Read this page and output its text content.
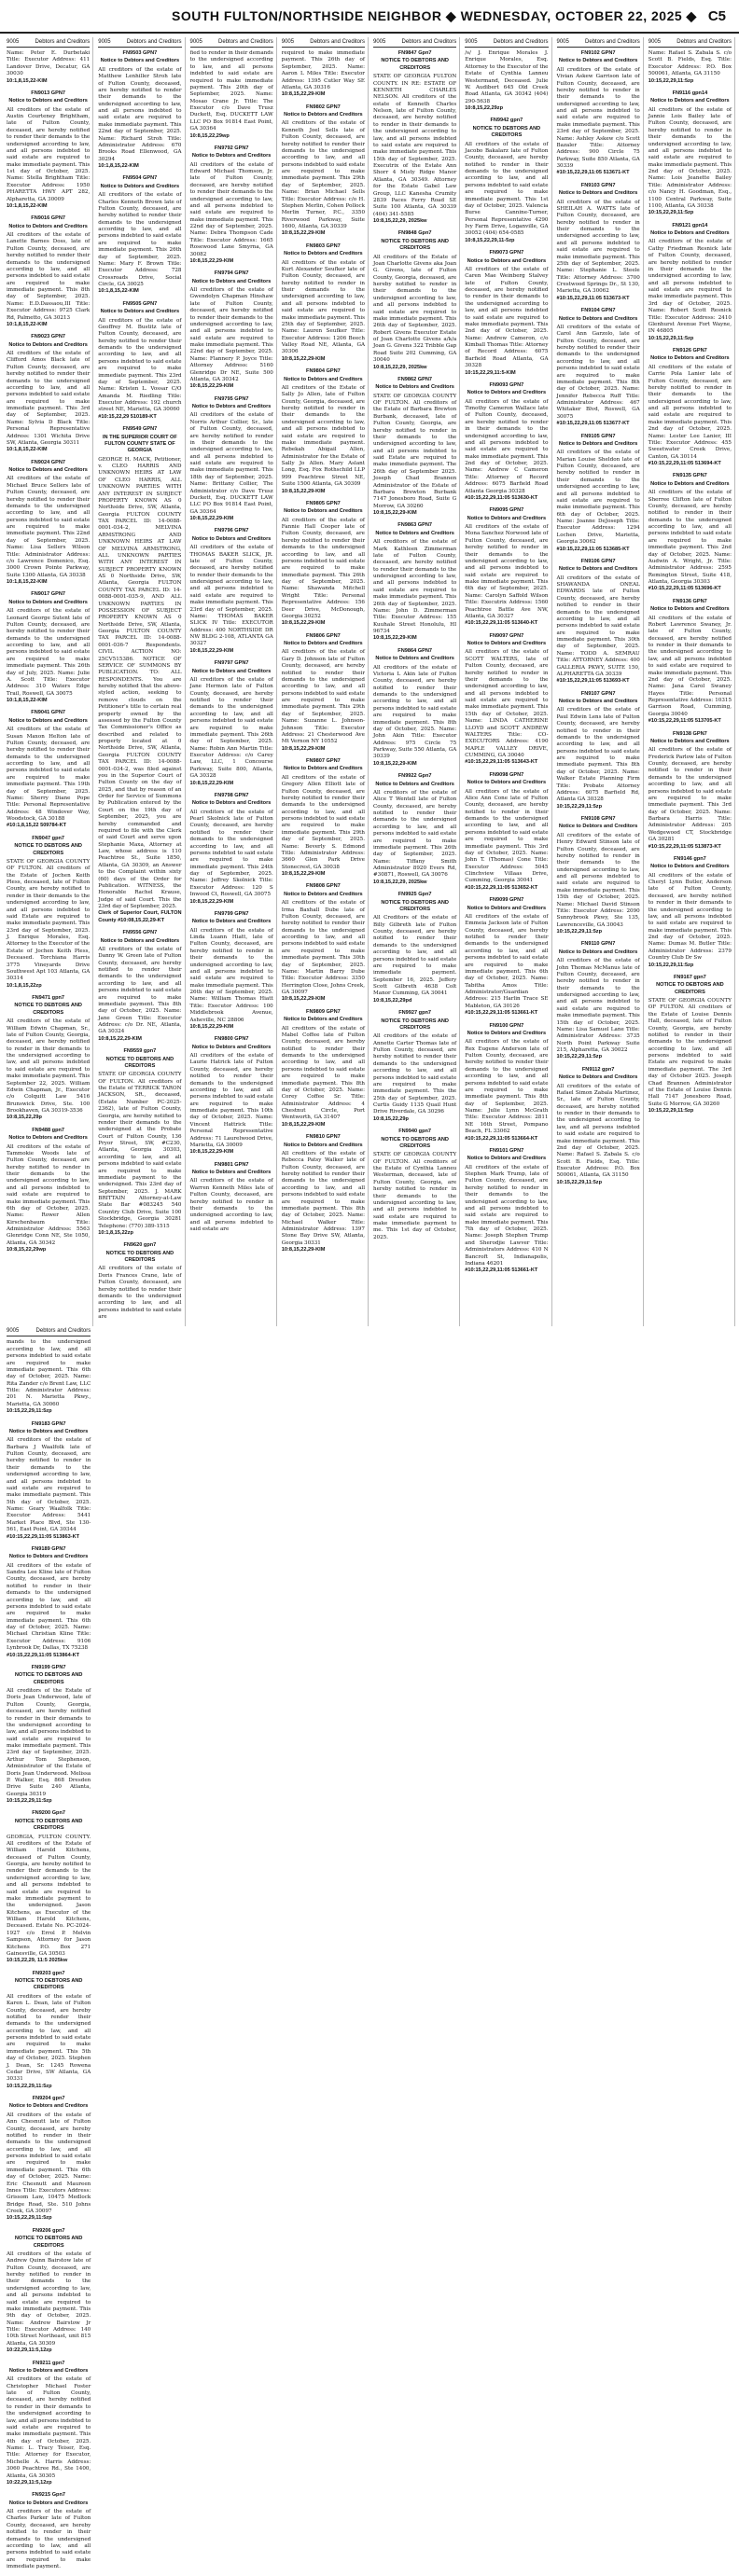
SOUTH FULTON/NORTHSIDE NEIGHBOR ◆ WEDNESDAY, OCTOBER 22, 2025 ◆ C5
9005	Debtors and Creditors
Name: Peter E. Durbetaki Title: Executor Address: 411 Landover Drive, Decatur, GA 30030
10:1,8,15,22-KIM
FN9013 GPN7
Notice to Debtors and Creditors
All creditors of the estate of Austin Courteney Brightham, late of Fulton County, deceased, are hereby notified to render their demands to the undersigned according to law, and all persons indebted to said estate are required to make immediate payment. This 1st day of October, 2025. Name: Stella Brightham Title: Executor Address: 1950 PHARETTA HWY APT 282, Alpharetta, GA 30009
10:1,8,15,22-KIM
FN9016 GPN7
Notice to Debtors and Creditors
All creditors of the estate of Lanette Barnes Doss, late of Fulton County, deceased, are hereby notified to render their demands to the undersigned according to law, and all persons indebted to said estate are required to make immediate payment. This 8th day of September, 2025. Name: E.D.Dassaou,III Title: Executor Address: 9725 Clark Rd, Palmetto, GA 30213
10:1,8,15,22-KIM
FN9023 GPN7
Notice to Debtors and Creditors
All creditors of the estate of Clifford Amos Black late of Fulton County, deceased, are hereby notified to render their demands to the undersigned according to law, and all persons indebted to said estate are required to make immediate payment. This 3rd day of September, 2025. Name: Sylvia D Black Title: Personal Representative Address: 1301 Wichita Drive SW, Atlanta, Georgia 30311
10:1,8,15,22-KIM
FN9024 GPN7
Notice to Debtors and Creditors
All creditors of the estate of Michael Bruce Sellers late of Fulton County, deceased, are hereby notified to render their demands to the undersigned according to law, and all persons indebted to said estate are required to make immediate payment. This 22nd day of September, 2025. Name: Lisa Sellers Wilson Title: Administrator Address: c/o Lawrence Domenico, Esq. 3000 Crown Pointe Parkway, Suite 1300 Atlanta, GA 30338
10:1,8,15,22-KIM
FN9017 GPN7
Notice to Debtors and Creditors
All creditors of the estate of Leonard George Sutent late of Fulton County, deceased, are hereby notified to render their demands to the undersigned according to law, and all persons indebted to said estate are required to make immediate payment. This 26th day of July, 2025. Name: Julie A. Scott Title: Executor Address: 310 Waters Edge Trail, Roswell, GA 30075
10:1,8,15,22-KIM
FN9041 GPN7
Notice to Debtors and Creditors
All creditors of the estate of Susan Maxon Helton late of Fulton County, deceased, are hereby notified to render their demands to the undersigned according to law, and all persons indebted to said estate are required to make immediate payment. This 19th day of September, 2025. Name: Sherry Diane Pope Title: Personal Representative Address: 48 Windover Way, Woodstock, GA 30188
#10:1,8,15,22 509784-KT
FN9047 gpn7
NOTICE TO DEBTORS AND CREDITORS
STATE OF GEORGIA COUNTY OF FULTON. All creditors of the Estate of Jochen Keith Pless, deceased, late of Fulton County, are hereby notified to render in their demands to the undersigned according to law, and all persons indebted to said Estate are required to make immediate payment. This 23rd day of September, 2025. J. Enrique Morales, Esq. Attorney to the Executor of the Estate of Jochen Keith Pless, Deceased. Torchiana Harris 3775 Vineyards Drive Southwest Apt 103 Atlanta, GA 30314
10:1,8,15,22zp
FN9471 gpn7
NOTICE TO DEBTORS AND CREDITORS
All creditors of the estate of William Edwin Chapman, Sr., late of Fulton County, Georgia, deceased, are hereby notified to render in their demands to the undersigned according to law, and all persons indebted to said estate are required to make immediate payment. This September 22, 2025. William Edwin Chapman, Jr., Executor c/o Colquitt Law 5416 Brunswick Drive, Ste. 100 Brookhaven, GA 30319-3536
10:8,15,22,29p
FN9488 gpn7
Notice to Debtors and Creditors
All creditors of the estate of Tammokie Woods late of Fulton County, deceased, are hereby notified to render in their demands to the undersigned according to law, and all persons indebted to said estate are required to make immediate payment. This 6th day of October, 2025. Name: Rower Allen Kirschenbaum Title: Administrator Address: 5563 Glenridge Conn NE, Ste 1050, Atlanta, GA 30342
10:8,15,22,29wp
9005	Debtors and Creditors
FN9503 GPN7
Notice to Debtors and Creditors
All creditors of the estate of Matthew Lenhiller Stroh late of Fulton County, deceased, are hereby notified to render their demands to the undersigned according to law, and all persons indebted to said estate are required to make immediate payment. This 22nd day of September, 2025. Name: Richard Stroh Title: Administrator Address: 670 Brooks Road Ellenwood, GA 30294
10:1,8,15,22-KIM
FN9504 GPN7
Notice to Debtors and Creditors
All creditors of the estate of Charles Kenneth Brown late of Fulton County, deceased, are hereby notified to render their demands to the undersigned according to law, and all persons indebted to said estate are required to make immediate payment. This 26th day of September, 2025. Name: Mary F. Brown Title: Executor Address: 728 Crossroads Drive, Social Circle, GA 30025
10:1,8,15,22-KIM
FN9505 GPN7
Notice to Debtors and Creditors
All creditors of the estate of Geoffrey M. Bustitz late of Fulton County, deceased, are hereby notified to render their demands to the undersigned according to law, and all persons indebted to said estate are required to make immediate payment. This 23rd day of September, 2025. Name: Kristen L. Vossar C/O Amanda M. Riedling Title: Executor Address: 192 church street NE, Marietta, GA 30060
#10:15,22,29 510189-KT
FN9549 GPN7
IN THE SUPERIOR COURT OF FULTON COUNTY STATE OF GEORGIA
GEORGE H. MACK, Petitioner, v. CLEO HARRIS AND UNKNOWN HEIRS AT LAW OF CLEO HARRIS, ALL UNKNOWN PARTIES WITH ANY INTEREST IN SUBJECT PROPERTY KNOWN AS 0 Northside Drive, SW, Atlanta, Georgia FULTON COUNTY TAX PARCEL ID: 14-0088-0001-034-2, MELVINA ARMSTRONG AND UNKNOWN HEIRS AT LAW OF MELVINA ARMSTRONG, ALL UNKNOWN PARTIES WITH ANY INTEREST IN SUBJECT PROPERTY KNOWN AS 0 Northside Drive, SW, Atlanta, Georgia FULTON COUNTY TAX PARCEL ID: 14-0088-0001-035-9, AND ALL UNKNOWN PARTIES IN POSSESSION OF SUBJECT PROPERTY KNOWN AS 0 Northside Drive, SW, Atlanta, Georgia FULTON COUNTY TAX PARCEL ID: 14-0088-0001-036-7 Respondents. CIVIL ACTION NO: 25CV515386. NOTICE OF SERVICE OF SUMMONS BY PUBLICATION. TO: ALL RESPONDENTS. You are hereby notified that the above-styled action, seeking to remove clouds on the Petitioner's title to certain real property owned by the assessed by the Fulton County Tax Commissioner's Office as described and related to property located at 0 Northside Drive, SW, Atlanta, Georgia FULTON COUNTY TAX PARCEL ID: 14-0088-0001-034-2, was filed against you in the Superior Court of Fulton County on the day of 2025, and that by reason of an Order for Service of Summons by Publication entered by the Court on the 19th day of September, 2025, you are hereby commanded and required to file with the Clerk of said Court and serve upon Stephanie Maxa, Attorney at Law, whose address is 110 Peachtree St., Suite 1850, Atlanta, GA 30309, an Answer to the Complaint within sixty (60) days of the Order for Publication. WITNESS, the Honorable Rachel Krause, Judge of said Court. This the 23rd day of September, 2025.
Clerk of Superior Court, FULTON County #10:08,15,22,29-KT
FN9556 GPN7
Notice to Debtors and Creditors
All creditors of the estate of Danny W. Green late of Fulton County, deceased, are hereby notified to render their demands to the undersigned according to law, and all persons indebted to said estate are required to make immediate payment. This 8th day of October, 2025. Name: Jane Green Title: Executor Address: c/o Dr. NE, Atlanta, GA 30324
10:8,15,22,29-KIM
FN9559 gpn7
NOTICE TO DEBTORS AND CREDITORS
STATE OF GEORGIA COUNTY OF FULTON. All creditors of the Estate of TERRICK TARON JACKSON, SR., deceased, (Estate Number PC-2025-2362), late of Fulton County, Georgia, are hereby notified to render their demands to the undersigned at the Probate Court of Fulton County, 136 Pryor Street, SW, #C230, Atlanta, Georgia 30303, according to law, and all persons indebted to said estate are required to make immediate payment to the undersigned. This 23rd day of September, 2025. J. MARK BRITTAIN Attorney-at-Law State Bar #083245 540 Country Club Drive, Suite 100 Stockbridge, Georgia 30281 Telephone: (770) 389-1515
10:1,8,15,22zp
FN9620 gpn7
NOTICE TO DEBTORS AND CREDITORS
All creditors of the estate of Doris Frances Crane, late of Fulton County, deceased, are hereby notified to render their demands to the undersigned according to law, and all persons indebted to said estate are
9005	Debtors and Creditors
fied to render in their demands to the undersigned according to law, and all persons indebted to said estate are required to make immediate payment. This 20th day of September, 2025. Name: Mosao Crane Jr. Title: The Executor c/o Dave Trusz Duckett, Esq. DUCKETT LAW LLC PO Box 91814 East Point, GA 30364
10:8,15,22,29wp
FN9792 GPN7
Notice to Debtors and Creditors
All creditors of the estate of Edward Michael Thomson, Jr. late of Fulton County, deceased, are hereby notified to render their demands to the undersigned according to law, and all persons indebted to said estate are required to make immediate payment. This 22nd day of September, 2025. Name: Debra Thompson Cade Title: Executor Address: 1665 Rosewood Lane Smyrna, GA 30082
10:8,15,22,29-KIM
FN9794 GPN7
Notice to Debtors and Creditors
All creditors of the estate of Gwendolyn Chapman Hinshaw late of Fulton County, deceased, are hereby notified to render their demands to the undersigned according to law, and all persons indebted to said estate are required to make immediate payment. This 22nd day of September, 2025. Name: Flannery P. Joyce Title: Attorney Address: 5160 Glenridge Dr NE, Suite 500 Atlanta, GA 30342
10:8,15,22,29-KIM
FN9795 GPN7
Notice to Debtors and Creditors
All creditors of the estate of Norris Arthur Collier, Sr., late of Fulton County, deceased, are hereby notified to render in their demands to the undersigned according to law, and all persons indebted to said estate are required to make immediate payment. This 18th day of September, 2025. Name: Brittany Collier, The Administrator c/o Dave Trusz Duckett, Esq. DUCKETT LAW LLC PO Box 91814 East Point, GA 30364
10:8,15,22,29-KIM
FN9796 GPN7
Notice to Debtors and Creditors
All creditors of the estate of THOMAS BAKER SLICK, JR. late of Fulton County, deceased, are hereby notified to render their demands to the undersigned according to law, and all persons indebted to said estate are required to make immediate payment. This 23rd day of September, 2025. Name: THOMAS BAKER SLICK IV Title: EXECUTOR Address: 400 NORTHSIDE DR NW BLDG 2-108, ATLANTA GA 30327
10:8,15,22,29-KIM
FN9797 GPN7
Notice to Debtors and Creditors
All creditors of the estate of Jane Hermon late of Fulton County, deceased, are hereby notified to render their demands to the undersigned according to law, and all persons indebted to said estate are required to make immediate payment. This 26th day of September, 2025. Name: Robin Ann Martin Title: Executor Address: c/o Carey Law, LLC, 1 Concourse Parkway, Suite 800, Atlanta, GA 30328
10:8,15,22,29-KIM
FN9798 GPN7
Notice to Debtors and Creditors
All creditors of the estate of Pearl Skolnick late of Fulton County, deceased, are hereby notified to render their demands to the undersigned according to law, and all persons indebted to said estate are required to make immediate payment. This 24th day of September, 2025. Name: Jeffrey Skolnick Title: Executor Address: 120 S Inwood Ct, Roswell, GA 30075
10:8,15,22,29-KIM
FN9799 GPN7
Notice to Debtors and Creditors
All creditors of the estate of Linda Luann Hiatt, late of Fulton County, deceased, are hereby notified to render in their demands to the undersigned according to law, and all persons indebted to said estate are required to make immediate payment. This 26th day of September, 2025. Name: William Thomas Hiatt Title: Executor Address: 100 Middlebrook Avenue, Asheville, NC 28806
10:8,15,22,29-KIM
FN9800 GPN7
Notice to Debtors and Creditors
All creditors of the estate of Laurie Hatrick late of Fulton County, deceased, are hereby notified to render their demands to the undersigned according to law, and all persons indebted to said estate are required to make immediate payment. This 10th day of October, 2025. Name: Vincent Hattrick Title: Personal Representative Address: 71 Laurelwood Drive, Marietta, GA 30009
10:8,15,22,29-KIM
FN9801 GPN7
Notice to Debtors and Creditors
All creditors of the estate of Warren Kenneth Miles late of Fulton County, deceased, are hereby notified to render in their demands to the undersigned according to law, and all persons indebted to said estate are
9005	Debtors and Creditors
required to make immediate payment. This 26th day of September, 2025. Name: Aaron L Miles Title: Executor Address: 1395 Cutler Way SE Atlanta, GA 30316
10:8,15,22,29-KIM
FN9802 GPN7
Notice to Debtors and Creditors
All creditors of the estate of Kenneth Joel Sells late of Fulton County, deceased, are hereby notified to render their demands to the undersigned according to law, and all persons indebted to said estate are required to make immediate payment. This 29th day of September, 2025. Name: Brian Michael Sells Title: Executor Address: c/o H. Stephen Merlin, Cohen Pollock Merlin Turner, P.C., 3350 Riverwood Parkway, Suite 1600, Atlanta, GA 30339
10:8,15,22,29-KIM
FN9803 GPN7
Notice to Debtors and Creditors
All creditors of the estate of Kurt Alexander Seufker late of Fulton County, deceased, are hereby notified to render in their demands to the undersigned according to law, and all persons indebted to said estate are required to make immediate payment. This 25th day of September, 2025. Name: Lauren Seufker Title: Executor Address: 1206 Beech Valley Road NE, Atlanta, GA 30306
10:8,15,22,29-KIM
FN9804 GPN7
Notice to Debtors and Creditors
All creditors of the Estate of Sally Jo Allen, late of Fulton County, Georgia, deceased, are hereby notified to render in their demands to the undersigned according to law, and all persons indebted to said estate are required to make immediate payment. Rebekah Abigail Allen, Administrator for the Estate of Sally Jo Allen. Mary Aslant Long, Esq. Fox Rothschild LLP 999 Peachtree Street NE, Suite 1500 Atlanta, GA 30309
10:8,15,22,29-KIM
FN9805 GPN7
Notice to Debtors and Creditors
All creditors of the estate of Fannie Hall Cooper late of Fulton County, deceased, are hereby notified to render their demands to the undersigned according to law, and all persons indebted to said estate are required to make immediate payment. This 26th day of September, 2025. Name: Shawanda Mitchell Wright Title: Personal Representative Address: 156 Deer Drive, McDonough, Georgia 30252
10:8,15,22,29-KIM
FN9806 GPN7
Notice to Debtors and Creditors
All creditors of the estate of Gary D. Johnson late of Fulton County, deceased, are hereby notified to render their demands to the undersigned according to law, and all persons indebted to said estate are required to make immediate payment. This 29th day of September, 2025. Name: Suzanne L. Johnson-Johnson Title: Executor Address: 21 Chesterwood Ave Mt Vernon NY 10552
10:8,15,22,29-KIM
FN9807 GPN7
Notice to Debtors and Creditors
All creditors of the estate of Gregory Allen Elliott late of Fulton County, deceased, are hereby notified to render their demands to the undersigned according to law, and all persons indebted to said estate are required to make immediate payment. This 29th day of September, 2025. Name: Beverly S. Edmond Title: Administrator Address: 3660 Glen Park Drive Stonecrest, GA 30038
10:8,15,22,29-KIM
FN9808 GPN7
Notice to Debtors and Creditors
All creditors of the estate of Irma Baxhall Dube late of Fulton County, deceased, are hereby notified to render their demands to the undersigned according to law, and all persons indebted to said estate are required to make immediate payment. This 30th day of September, 2025. Name: Martin Barry Dube Title: Executor Address: 3350 Herrington Close, Johns Creek, GA 30097
10:8,15,22,29-KIM
FN9809 GPN7
Notice to Debtors and Creditors
All creditors of the estate of Mabel Coffee late of Fulton County, deceased, are hereby notified to render their demands to the undersigned according to law, and all persons indebted to said estate are required to make immediate payment. This 8th day of October, 2025. Name: Corey Coffee Sr. Title: Administrator Address: 4 Chestnut Circle, Port Wentworth, GA 31407
10:8,15,22,29-KIM
FN9810 GPN7
Notice to Debtors and Creditors
All creditors of the estate of Rebecca Patsy Walker late of Fulton County, deceased, are hereby notified to render their demands to the undersigned according to law, and all persons indebted to said estate are required to make immediate payment. This 8th day of October, 2025. Name: Michael Walker Title: Administrator Address: 1397 Stone Bay Drive SW, Atlanta, Georgia 30331
10:8,15,22,29-KIM
9005	Debtors and Creditors
FN9847 Gpn7
NOTICE TO DEBTORS AND CREDITORS
STATE OF GEORGIA FULTON COUNTY. IN RE: ESTATE OF KENNETH CHARLES NELSON. All creditors of the estate of Kenneth Charles Nelson, late of Fulton County, deceased, are hereby notified to render in their demands to the undersigned according to law, and all persons indebted to said estate are required to make immediate payment. This 15th day of September, 2025. Executrix of the Estate Ann Shorr 4 Misty Ridge Manor Atlanta, GA 30349. Attorney for the Estate Gabel Law Group, LLC Kanesha Crumity 2839 Paces Ferry Road SE Suite 100 Atlanta, GA 30339 (404) 341-5585
10:8,15,22,29, 2025kw
FN9848 Gpn7
NOTICE TO DEBTORS AND CREDITORS
All creditors of the Estate of Joan Charlotte Givens aka Joan G. Givens, late of Fulton County, Georgia, deceased, are hereby notified to render in their demands to the undersigned according to law, and all persons indebted to said estate are required to make immediate payment. This 26th day of September, 2025. Robert Givens Executor Estate of Joan Charlotte Givens a/k/a Joan G. Givens 322 Tribble Gap Road Suite 202 Cumming, GA 30040
10:8,15,22,29, 2025kw
FN9862 GPN7
Notice to Debtors and Creditors
STATE OF GEORGIA COUNTY OF FULTON. All creditors of the Estate of Barbara Brewton Burbank, deceased, late of Fulton County, Georgia, are hereby notified to render in their demands to the undersigned according to law, and all persons indebted to said Estate are required to make immediate payment. The 26th day of September 2025. Joseph Chad Brannen Administrator of the Estate of Barbara Brewton Burbank 7147 Jonesboro Road, Suite G Morrow, GA 30260
10:8,15,22,29-KIM
FN9863 GPN7
Notice to Debtors and Creditors
All creditors of the estate of Mark Kathleen Zimmerman late of Fulton County, deceased, are hereby notified to render their demands to the undersigned according to law, and all persons indebted to said estate are required to make immediate payment. This 26th day of September, 2025. Name: John D. Zimmerman Title: Executor Address: 155 Kuuhale Street Honolulu, HI 96734
10:8,15,22,29-KIM
FN9864 GPN7
Notice to Debtors and Creditors
All creditors of the estate of Victoria L Akin late of Fulton County, deceased, are hereby notified to render their demands to the undersigned according to law, and all persons indebted to said estate are required to make immediate payment. This 8th day of October, 2025. Name: John Akin Title: Executor Address: 975 Circle 75 Parkway, Suite 550 Atlanta, GA 30339
10:8,15,22,29-KIM
FN9922 Gpn7
Notice to Debtors and Creditors
All creditors of the estate of Alice T Wentell late of Fulton County, deceased, are hereby notified to render their demands to the undersigned according to law, and all persons indebted to said estate are required to make immediate payment. This 26th day of September, 2025. Name: Tiffany Smith Administrator 8920 Evers Rd, #30871, Roswell, GA 30076
10:8,15,22,29, 2025kw
FN9925 Gpn7
NOTICE TO DEBTORS AND CREDITORS
All Creditors of the estate of Billy Gilbreth late of Fulton County, deceased, are hereby notified to render their demands to the undersigned according to law, and all persons indebted to said estate are required to make immediate payment. September 16, 2025. Jeffery Scott Gilbreth 4638 Colt Manor Cumming, GA 30041
10:8,15,22,29pd
FN9927 gpn7
NOTICE TO DEBTORS AND CREDITORS
All creditors of the estate of Annette Carter Thomas late of Fulton County, deceased, are hereby notified to render their demands to the undersigned according to law, and all persons indebted to said estate are required to make immediate payment. This the 25th day of September, 2025. Curtis Guidy 1135 Quail Hunt Drive Riverdale, GA 30296
10:8,15,22,29p
FN9940 gpn7
NOTICE TO DEBTORS AND CREDITORS
STATE OF GEORGIA COUNTY OF FULTON. All creditors of the Estate of Cynthia Lanneu Westerman, deceased, late of Fulton County, Georgia, are hereby notified to render in their demands to the undersigned according to law, and all persons indebted to said estate are required to make immediate payment to me. This 1st day of October, 2025.
9005	Debtors and Creditors
/s/ J. Enrique Morales J. Enrique Morales, Esq. Attorney to the Executor of the Estate of Cynthia Lanneu Westermand, Deceased. Julie W. Audibert 645 Old Creek Road Atlanta, GA 30342 (404) 290-5638
10:8,15,22,29zp
FN9942 gpn7
NOTICE TO DEBTORS AND CREDITORS
All creditors of the estate of Jacobo Bakalarz late of Fulton County, deceased, are hereby notified to render in their demands to the undersigned according to law, and all persons indebted to said estate are required to make immediate payment. This 1st day of October, 2025. Valencia Burse Cannine-Turner, Personal Representative 4290 Ivy Farm Drive, Loganville, GA 30052 (404) 654-0585
10:8,15,22,29,11-5zp
FN9073 GPN7
Notice to Debtors and Creditors
All creditors of the estate of Caren Mae Weinberg Stalvey late of Fulton County, deceased, are hereby notified to render in their demands to the undersigned according to law, and all persons indebted to said estate are required to make immediate payment. This 2nd day of October, 2025. Name: Andrew Cameron, c/o Kimball Thomas Title: Attorney of Record Address: 6075 Barfield Road Atlanta, GA 30328
10:15,22,29,11:5-KIM
FN9093 GPN7
Notice to Debtors and Creditors
All creditors of the estate of Timothy Cameron Wallace late of Fulton County, deceased, are hereby notified to render in their demands to the undersigned according to law, and all persons indebted to said estate are required to make immediate payment. This 2nd day of October, 2025. Name: Andrew C Cameron Title: Attorney of Record Address: 6075 Barfield Road Atlanta Georgia 30328
#10:15,22,29,11:05 513630-KT
FN9095 GPN7
Notice to Debtors and Creditors
All creditors of the estate of Mona Sanchez Norwood late of Fulton County, deceased, are hereby notified to render in their demands to the undersigned according to law, and all persons indebted to said estate are required to make immediate payment. This 6th day of September, 2025. Name: Carolyn Saffold Wilson Title: Executrix Address: 1560 Peachtree Battle Ave NW, Atlanta, GA 30327
#10:15,22,29,11:05 513640-KT
FN9097 GPN7
Notice to Debtors and Creditors
All creditors of the estate of SCOTT WALTERS, late of Fulton County, deceased, are hereby notified to render in their demands to the undersigned according to law, and all persons indebted to said estate are required to make immediate payment. This 15th day of October, 2025. Name: LINDA CATHERINE LLOYD and SCOTT ANDREW WALTERS Title: CO-EXECUTORS Address: 4190 MAPLE VALLEY DRIVE, CUMMING, GA 30040
#10:15,22,29,11:05 513643-KT
FN9098 GPN7
Notice to Debtors and Creditors
All creditors of the estate of Alice Ann Cone late of Fulton County, deceased, are hereby notified to render in their demands to the undersigned according to law, and all persons indebted to said estate are required to make immediate payment. This 3rd day of October, 2025. Name: John T. (Thomas) Cone Title: Executor Address: 5045 Clinchview Villaas Drive, Cumming, Georgia 30041
#10:15,22,29,11:05 513652-KT
FN9099 GPN7
Notice to Debtors and Creditors
All creditors of the estate of Emmeia Jackson late of Fulton County, deceased, are hereby notified to render their demands to the undersigned according to law, and all persons indebted to said estate are required to make immediate payment. This 6th day of October, 2025. Name: Tabitha Amos Title: Administrator/Guardian Address: 215 Harlin Trace SE Mableton, GA 30126
#10:15,22,29,11:05 513661-KT
FN9100 GPN7
Notice to Debtors and Creditors
All creditors of the estate of Rex Eugene Anderson late of Fulton County, deceased, are hereby notified to render their demands to the undersigned according to law, and all persons indebted to said estate are required to make immediate payment. This 8th day of September, 2025. Name: Julie Lynn McGrath Title: Executor Address: 2811 NE 16th Street, Pompano Beach, FL 33062
#10:15,22,29,11:05 513664-KT
FN9101 GPN7
Notice to Debtors and Creditors
All creditors of the estate of Stephen Mark Trump, late of Fulton County, deceased, are hereby notified to render in their demands to the undersigned according to law, and all persons indebted to said estate are required to make immediate payment. This 7th day of October, 2025. Name: Joseph Stephen Trump and Sherodjie Lawver Title: Administrators Address: 410 N Bancroft St, Indianapolis, Indiana 46201
#10:15,22,29,11:05 513661-KT
9005	Debtors and Creditors
FN9102 GPN7
Notice to Debtors and Creditors
All creditors of the estate of Vivian Askew Garrison late of Fulton County, deceased, are hereby notified to render in their demands to the undersigned according to law, and all persons indebted to said estate are required to make immediate payment. This 23rd day of September, 2025. Name: Ashley Askew c/o Scott Bazaler Title: Attorney Address: 900 Circle 75 Parkway, Suite 850 Atlanta, GA 30339
#10:15,22,29,11:05 513671-KT
FN9103 GPN7
Notice to Debtors and Creditors
All creditors of the estate of SHEILAH A. WATTS late of Fulton County, deceased, are hereby notified to render in their demands to the undersigned according to law, and all persons indebted to said estate are required to make immediate payment. This 25th day of September, 2025. Name: Stephanie L. Steele Title: Attorney Address: 3700 Crestwood Springs Dr., St 130, Marietta, GA 30062
#10:15,22,29,11:05 513673-KT
FN9104 GPN7
Notice to Debtors and Creditors
All creditors of the estate of Carol Ann Garzolo, late of Fulton County, deceased, are hereby notified to render their demands to the undersigned according to law, and all persons indebted to said estate are required to make immediate payment. This 8th day of October, 2025. Name: Jennifer Rebecca Ruff Title: Administrator Address: 467 Whitaker Blvd, Roswell, GA 30075
#10:15,22,29,11:05 513677-KT
FN9105 GPN7
Notice to Debtors and Creditors
All creditors of the estate of Marian Louise Sheldon late of Fulton County, deceased, are hereby notified to render in their demands to the undersigned according to law, and all persons indebted to said estate are required to make immediate payment. This 6th day of October, 2025. Name: Joanne DeJoseph Title: Executor Address: 1294 Lochen Drive, Marietta, Georgia 30062
#10:15,22,29,11:05 513685-KT
FN9106 GPN7
Notice to Debtors and Creditors
All creditors of the estate of SHAWANDA ONEAL EDWARDS late of Fulton County, deceased, are hereby notified to render in their demands to the undersigned according to law, and all persons indebted to said estate are required to make immediate payment. This 30th day of September, 2025. Name: TODD A. SEMRAU Title: ATTORNEY Address: 400 GALLERIA PKWY, SUITE 150, ALPHARETTA GA 30339
#10:15,22,29,11:05 513693-KT
FN9107 GPN7
Notice to Debtors and Creditors
All creditors of the estate of Paul Edwin Lens late of Fulton County, deceased, are hereby notified to render in their demands to the undersigned according to law, and all persons indebted to said estate are required to make immediate payment. This 8th day of October, 2025. Name: Walker Estate Planning Firm Title: Probate Attorney Address: 6075 Barfield Rd, Atlanta GA 30328
10:15,22,29,11:5zp
FN9108 GPN7
Notice to Debtors and Creditors
All creditors of the estate of Henry Edward Stinson late of Fulton County, deceased, are hereby notified to render in their demands to the undersigned according to law, and all persons indebted to said estate are required to make immediate payment. This 15th day of October, 2025. Name: Michael David Stinson Title: Executor Address: 2090 Sunnybrook Pkwy, Ste 135, Lawrenceville, GA 30043
10:15,22,29,11:5zp
FN9110 GPN7
Notice to Debtors and Creditors
All creditors of the estate of John Thomas McManus late of Fulton County, deceased, are hereby notified to render in their demands to the undersigned according to law, and all persons indebted to said estate are required to make immediate payment. This 15th day of October, 2025. Name: Lisa Samuel Lane Title: Administrator Address: 3735 North Point Parkway Suite 215, Alpharetta, GA 30022
10:15,22,29,11:5zp
FN9112 gpn7
Notice to Debtors and Creditors
All creditors of the estate of Rafael Simon Zabala Martinez, Sr., late of Fulton County, deceased, are hereby notified to render in their demands to the undersigned according to law, and all persons indebted to said estate are required to make immediate payment. This 2nd day of October, 2025. Name: Rafael S. Zabala S. c/o Scott B. Fields, Esq. Title: Executor Address: P.O. Box 500061, Atlanta, GA 31150
10:15,22,29,11:5zp
9005	Debtors and Creditors
Name: Rafael S. Zabala S. c/o Scott B. Fields, Esq. Title: Executor Address: P.O. Box 500061, Atlanta, GA 31150
10:15,22,29,11:5zp
FN9116 gpn14
Notice to Debtors and Creditors
All creditors of the estate of Jannie Lois Bailey late of Fulton County, deceased, are hereby notified to render in their demands to the undersigned according to law, and all persons indebted to said estate are required to make immediate payment. This 2nd day of October, 2025. Name: Lois Jeanette Bailey Title: Administrator Address: c/o Nancy H. Goodman, Esq., 1100 Central Parkway, Suite 1100, Atlanta, GA 30338
10:15,22,29,11:5zp
FN9121 gpn14
Notice to Debtors and Creditors
All creditors of the estate of Cathy Friedman Resnick late of Fulton County, deceased, are hereby notified to render in their demands to the undersigned according to law, and all persons indebted to said estate are required to make immediate payment. This 3rd day of October, 2025. Name: Robert Scott Resnick Title: Executor Address: 2410 Glenhurst Avenue Fort Wayne, IN 46805
10:15,22,29,11:5zp
FN9126 GPN7
Notice to Debtors and Creditors
All creditors of the estate of Carrie Pola Lanier late of Fulton County, deceased, are hereby notified to render in their demands to the undersigned according to law, and all persons indebted to said estate are required to make immediate payment. This 2nd day of October, 2025. Name: Lester Lee Lanier, III Title: Executor Address: 455 Sweetwater Creek Drive, Canton, GA 30114
#10:15,22,29,11:05 513694-KT
FN9135 GPN7
Notice to Debtors and Creditors
All creditors of the estate of Sherree Clifton late of Fulton County, deceased, are hereby notified to render in their demands to the undersigned according to law, and all persons indebted to said estate are required to make immediate payment. This 2nd day of October, 2025. Name: Audwin A. Wright, Jr. Title: Administrator Address: 2595 Remington Street, Suite 418, Atlanta, Georgia 30303
#10:15,22,29,11:05 513696-KT
FN9136 GPN7
Notice to Debtors and Creditors
All creditors of the estate of Robert Lawrence Swaney, Jr. late of Fulton County, deceased, are hereby notified to render in their demands to the undersigned according to law, and all persons indebted to said estate are required to make immediate payment. This 2nd day of October, 2025. Name: Jana Carol Swaney Hayes Title: Personal Representative Address: 10315 Garrison Road, Cumming, Georgia 30040
#10:15,22,29,11:05 513705-KT
FN9138 GPN7
Notice to Debtors and Creditors
All creditors of the estate of Frederick Parlow late of Fulton County, deceased, are hereby notified to render in their demands to the undersigned according to law, and all persons indebted to said estate are required to make immediate payment. This 3rd day of October, 2025. Name: Barbara Harris Title: Administrator Address: 205 Wedgewood CT, Stockbridge GA 30281
#10:15,22,29,11:05 513873-KT
FN9146 gpn7
Notice to Debtors and Creditors
All creditors of the estate of Cheryl Lynn Butler, Anderson late of Fulton County, deceased, are hereby notified to render in their demands to the undersigned according to law, and all persons indebted to said estate are required to make immediate payment. This 2nd day of October, 2025. Name: Dumas M. Butler Title: Administrator Address: 2379 Country Club Dr Sw
10:15,22,29,11:5zp
FN9167 gpn7
NOTICE TO DEBTORS AND CREDITORS
STATE OF GEORGIA COUNTY OF FULTON. All creditors of the Estate of Louise Dennis Hall, deceased, late of Fulton County, Georgia, are hereby notified to render in their demands to the undersigned according to law, and all persons indebted to said Estate are required to make immediate payment. The 3rd day of October 2025. Joseph Chad Brannen Administrator of the Estate of Louise Dennis Hall 7147 Jonesboro Road, Suite G Morrow, GA 30260
10:15,22,29,11:5zp
9005	Debtors and Creditors
mands to the undersigned according to law, and all persons indebted to said estate are required to make immediate payment. This 6th day of October, 2025. Name: Rita Zander c/o Brent Law, LLC Title: Administrator Address: 201 N. Marietta Pkwy., Marietta, GA 30060
10:15,22,29,11:5zp
FN9183 GPN7
Notice to Debtors and Creditors
All creditors of the estate of Barbara J Waalfolk late of Fulton County, deceased, are hereby notified to render in their demands to the undersigned according to law, and all persons indebted to said estate are required to make immediate payment. This 5th day of October, 2025. Name: Geary Waalfolk Title: Executor Address: 5441 Market Place Blvd, Ste 130-561, East Point, GA 30344
#10:15,22,29,11:05 513863-KT
FN9189 GPN7
Notice to Debtors and Creditors
All creditors of the estate of Sandra Lee Kline late of Fulton County, deceased, are hereby notified to render in their demands to the undersigned according to law, and all persons indebted to said estate are required to make immediate payment. This 6th day of October, 2025. Name: Michael Christian Kline Title: Executor Address: 9106 Lynbrook Dr, Dallas, TX 75238
#10:15,22,29,11:05 513864-KT
FN9199 GPN7
NOTICE TO DEBTORS AND CREDITORS
All creditors of the Estate of Doris Jean Underwood, late of Fulton County, Georgia, deceased, are hereby notified to render in their demands to the undersigned according to law, and all persons indebted to said estate are required to make immediate payment. This 23rd day of September, 2025. Arthur Tom Stephenson, Administrator of the Estate of Doris Jean Underwood. Melissa P. Walker, Esq. 868 Dresden Drive Suite 240 Atlanta, Georgia 30319
10:15,22,29,11:5zp
FN9200 Gpn7
NOTICE TO DEBTORS AND CREDITORS
GEORGIA, FULTON COUNTY. All creditors of the Estate of William Harold Kitchens, deceased of Fulton County, Georgia, are hereby notified to render their demands to the undersigned according to law, and all persons indebted to said estate are required to make immediate payment to the undersigned. Jason Kitchens, as Executor of the William Harold Kitchens, Deceased. Estate No. PC-2024-1927 c/o Errol P. Melvin Sampson, Attorney for Jason Kitchens P.O. Box 271 Gainesville, GA 30503
10:15,22,29, 11:5 2025kw
FN9203 gpn7
NOTICE TO DEBTORS AND CREDITORS
All creditors of the estate of Karen L. Dean, late of Fulton County, deceased, are hereby notified to render their demands to the undersigned according to law, and all persons indebted to said estate are required to make immediate payment. This 5th day of October, 2025. Stephen J. Dean, Sr. 1245 Rowena Cedar Drive, SW Atlanta, GA 30331
10:15,22,29,11:5zp
FN9204 gpn7
Notice to Debtors and Creditors
All creditors of the estate of Ann Chesnutt late of Fulton County, deceased, are hereby notified to render in their demands to the undersigned according to law, and all persons indebted to said estate are required to make immediate payment. This 6th day of October, 2025. Name: Eric Chesnutt and Maureen Innes Title: Executors Address: Grissom Law, 10475 Medlock Bridge Road, Ste. 510 Johns Creek, GA 30097
10:15,22,29,11:5zp
FN9206 gpn7
NOTICE TO DEBTORS AND CREDITORS
All creditors of the estate of Andrew Quinn Bairstow late of Fulton County, deceased, are hereby notified to render in their demands to the undersigned according to law, and all persons indebted to said estate are required to make immediate payment. This 9th day of October, 2025. Name: Andrew Bairstow Jr Title: Executor Address: 140 10th Street Northeast, unit 815 Atlanta, GA 30309
10:22,29,11:5,12zp
FN9211 gpn7
Notice to Debtors and Creditors
All creditors of the estate of Christopher Michael Foster late of Fulton County, deceased, are hereby notified to render in their demands to the undersigned according to law, and all persons indebted to said estate are required to make immediate payment. This 4th day of October, 2025. Name: L. Tracy Teiser, Esq. Title: Attorney for Executor, Michelle A. Harris Address: 3060 Peachtree Rd., Ste 1400, Atlanta, GA 30305
10:22,29,11:5,12zp
FN9215 Gpn7
Notice to Debtors and Creditors
All creditors of the estate of Charles Parker late of Fulton County, deceased, are hereby notified to render in their demands to the undersigned according to law, and all persons indebted to said estate are required to make immediate payment.
